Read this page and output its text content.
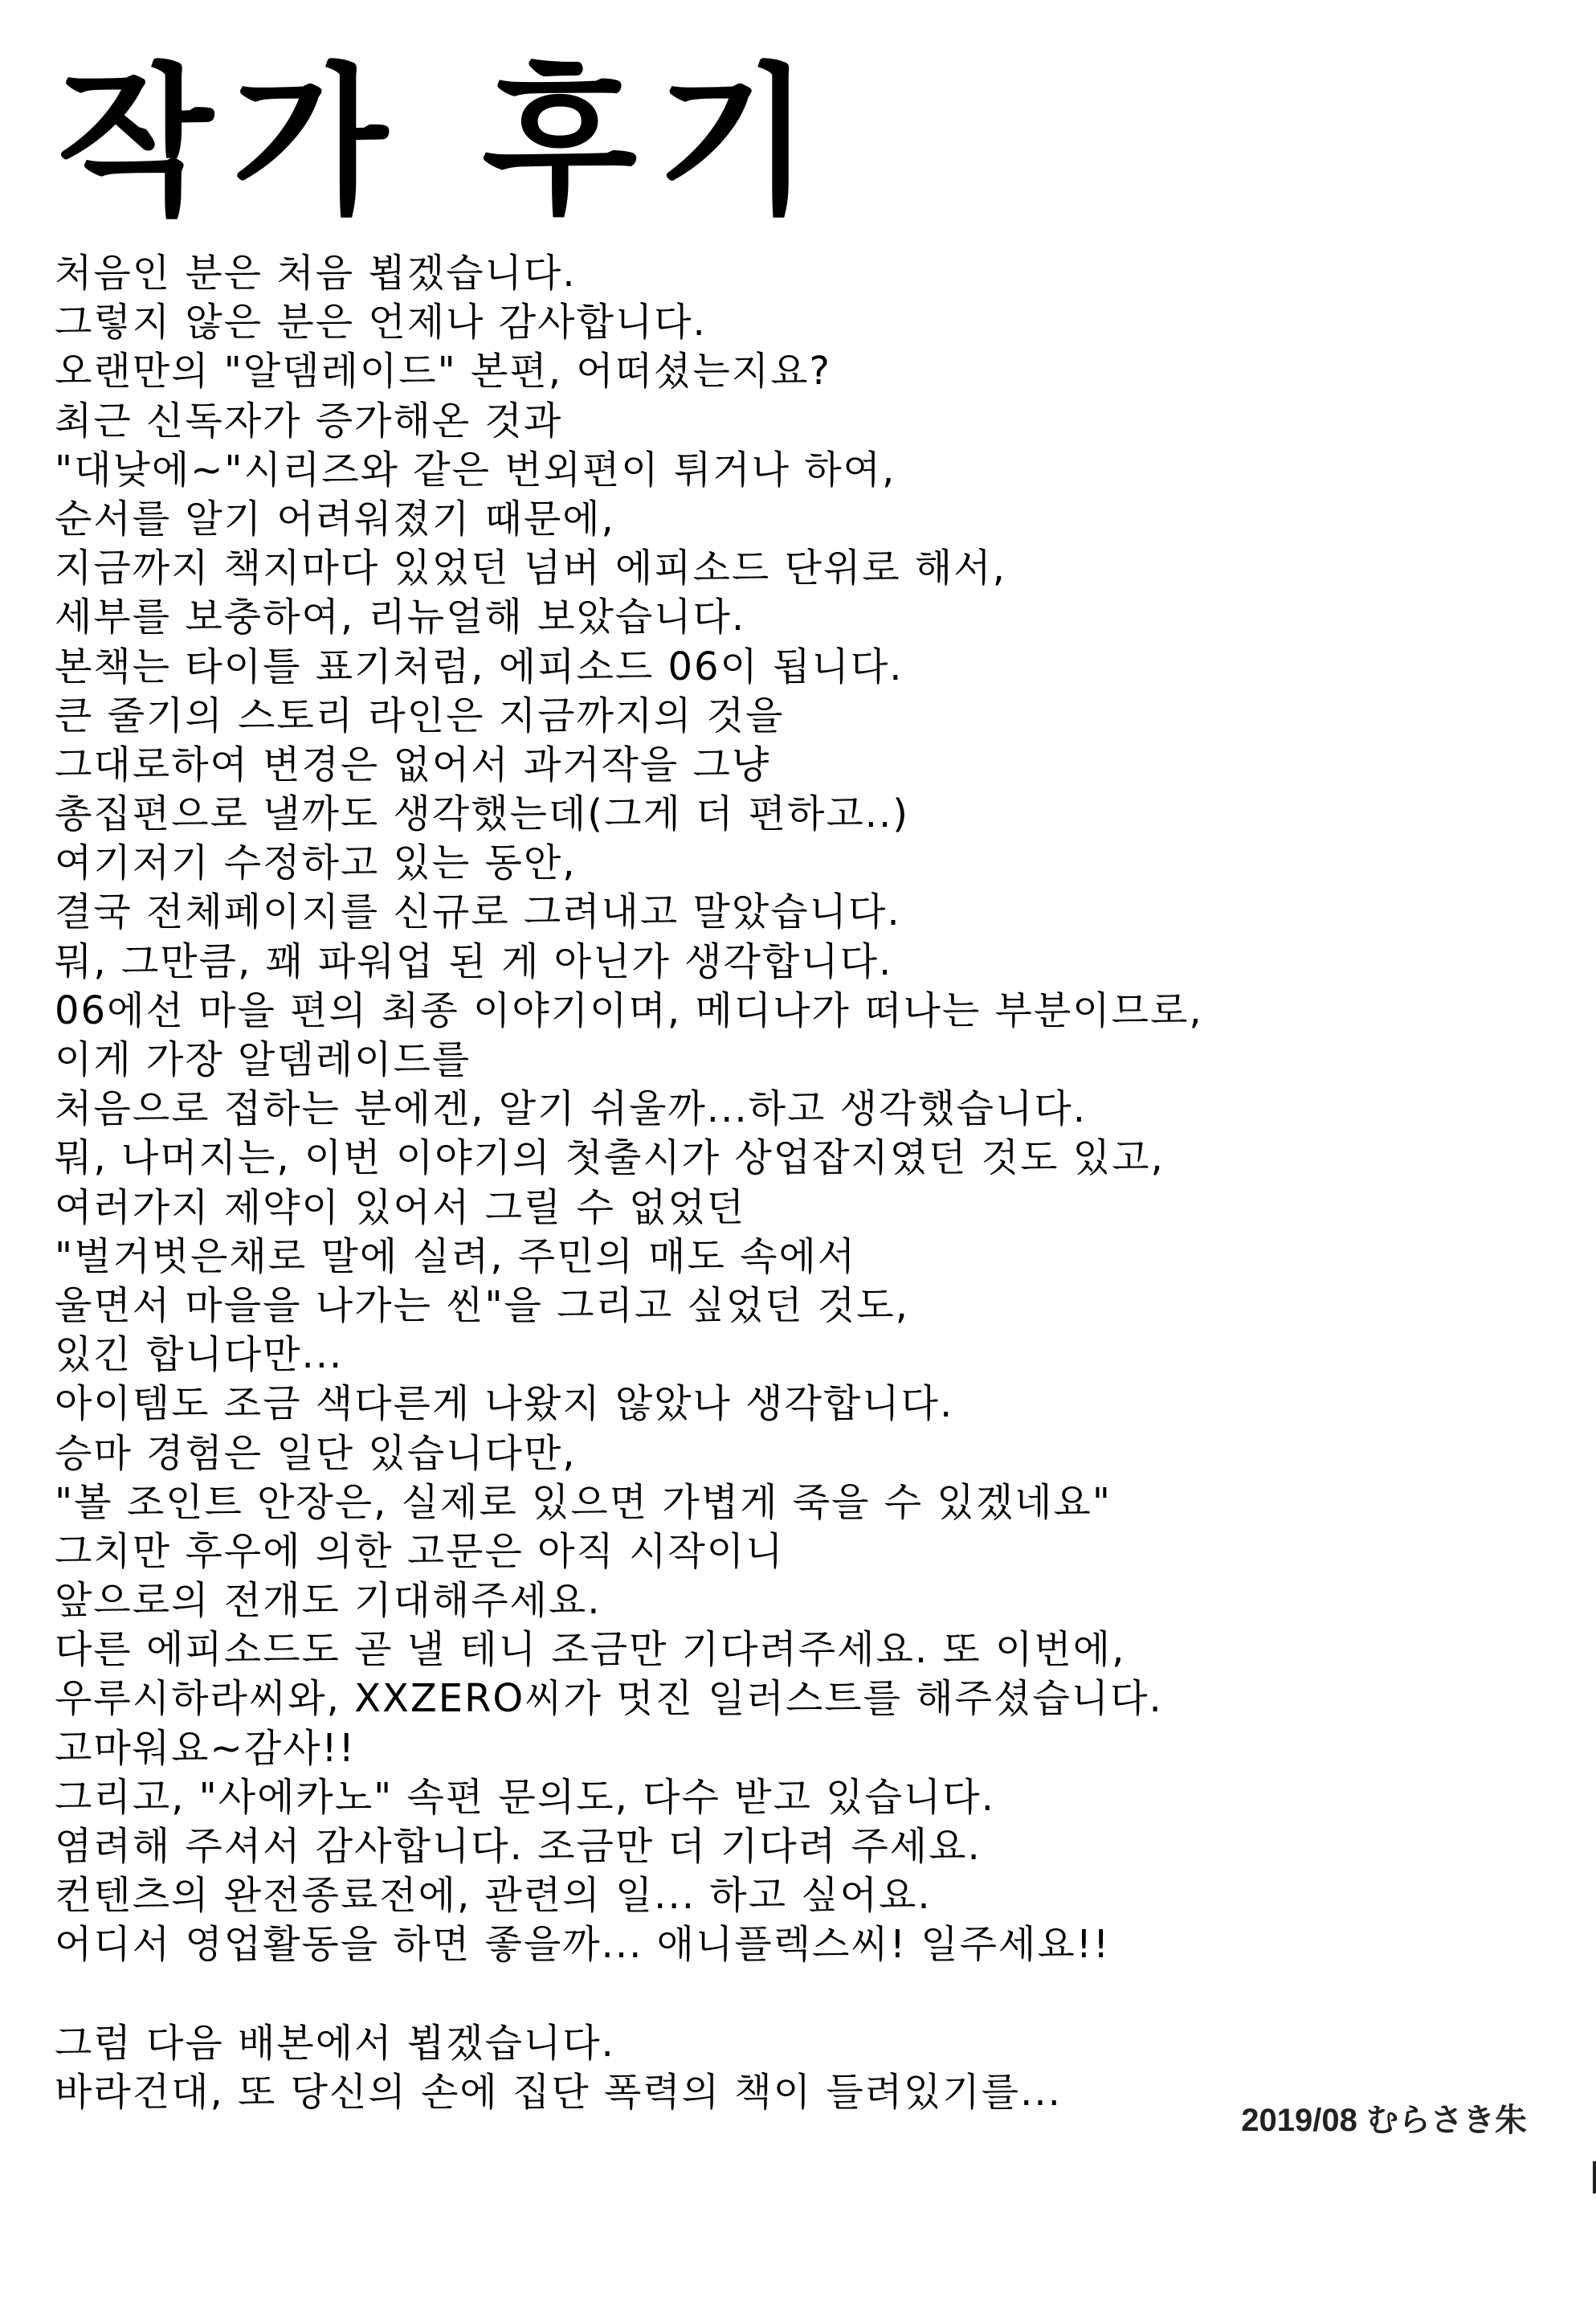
작가 후기
처음인 분은 처음 뵙겠습니다.
그렇지 않은 분은 언제나 감사합니다.
오랜만의 "알뎀레이드" 본편, 어떠셨는지요?
최근 신독자가 증가해온 것과
"대낮에~"시리즈와 같은 번외편이 튀거나 하여,
순서를 알기 어려워졌기 때문에,
지금까지 책지마다 있었던 넘버 에피소드 단위로 해서,
세부를 보충하여, 리뉴얼해 보았습니다.
본책는 타이틀 표기처럼, 에피소드 06이 됩니다.
큰 줄기의 스토리 라인은 지금까지의 것을
그대로하여 변경은 없어서 과거작을 그냥
총집편으로 낼까도 생각했는데(그게 더 편하고..)
여기저기 수정하고 있는 동안,
결국 전체페이지를 신규로 그려내고 말았습니다.
뭐, 그만큼, 꽤 파워업 된 게 아닌가 생각합니다.
06에선 마을 편의 최종 이야기이며, 메디나가 떠나는 부분이므로,
이게 가장 알뎀레이드를
처음으로 접하는 분에겐, 알기 쉬울까...하고 생각했습니다.
뭐, 나머지는, 이번 이야기의 첫출시가 상업잡지였던 것도 있고,
여러가지 제약이 있어서 그릴 수 없었던
"벌거벗은채로 말에 실려, 주민의 매도 속에서
울면서 마을을 나가는 씬"을 그리고 싶었던 것도,
있긴 합니다만...
아이템도 조금 색다른게 나왔지 않았나 생각합니다.
승마 경험은 일단 있습니다만,
"볼 조인트 안장은, 실제로 있으면 가볍게 죽을 수 있겠네요"
그치만 후우에 의한 고문은 아직 시작이니
앞으로의 전개도 기대해주세요.
다른 에피소드도 곧 낼 테니 조금만 기다려주세요. 또 이번에,
우루시하라씨와, XXZERO씨가 멋진 일러스트를 해주셨습니다.
고마워요~감사!!
그리고, "사에카노" 속편 문의도, 다수 받고 있습니다.
염려해 주셔서 감사합니다. 조금만 더 기다려 주세요.
컨텐츠의 완전종료전에, 관련의 일... 하고 싶어요.
어디서 영업활동을 하면 좋을까... 애니플렉스씨! 일주세요!!
그럼 다음 배본에서 뵙겠습니다.
바라건대, 또 당신의 손에 집단 폭력의 책이 들려있기를...
2019/08 むらさき朱
